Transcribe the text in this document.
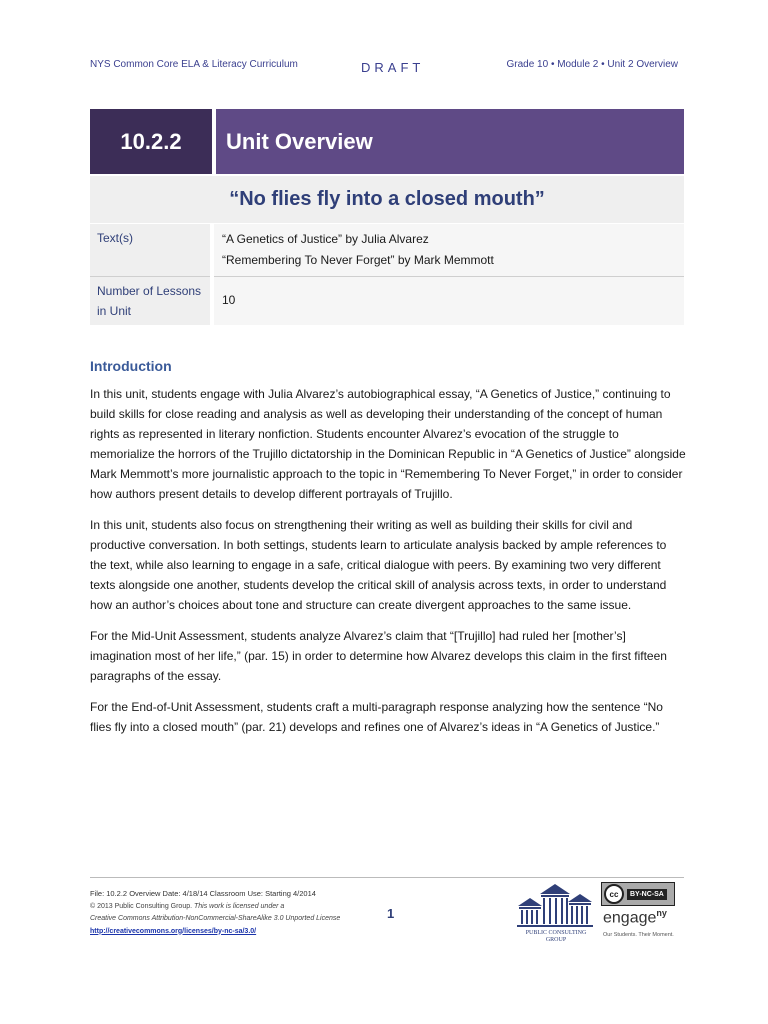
NYS Common Core ELA & Literacy Curriculum	DRAFT	Grade 10 • Module 2 • Unit 2 Overview
10.2.2	Unit Overview
“No flies fly into a closed mouth”
Text(s)	“A Genetics of Justice” by Julia Alvarez
“Remembering To Never Forget” by Mark Memmott

Number of Lessons in Unit	10
Introduction

In this unit, students engage with Julia Alvarez’s autobiographical essay, “A Genetics of Justice,” continuing to build skills for close reading and analysis as well as developing their understanding of the concept of human rights as represented in literary nonfiction. Students encounter Alvarez’s evocation of the struggle to memorialize the horrors of the Trujillo dictatorship in the Dominican Republic in “A Genetics of Justice” alongside Mark Memmott’s more journalistic approach to the topic in “Remembering To Never Forget,” in order to consider how authors present details to develop different portrayals of Trujillo.

In this unit, students also focus on strengthening their writing as well as building their skills for civil and productive conversation. In both settings, students learn to articulate analysis backed by ample references to the text, while also learning to engage in a safe, critical dialogue with peers. By examining two very different texts alongside one another, students develop the critical skill of analysis across texts, in order to understand how an author’s choices about tone and structure can create divergent approaches to the same issue.

For the Mid-Unit Assessment, students analyze Alvarez’s claim that “[Trujillo] had ruled her [mother’s] imagination most of her life,” (par. 15) in order to determine how Alvarez develops this claim in the first fifteen paragraphs of the essay.

For the End-of-Unit Assessment, students craft a multi-paragraph response analyzing how the sentence “No flies fly into a closed mouth” (par. 21) develops and refines one of Alvarez’s ideas in “A Genetics of Justice.”

File: 10.2.2 Overview Date: 4/18/14 Classroom Use: Starting 4/2014
© 2013 Public Consulting Group. This work is licensed under a
Creative Commons Attribution-NonCommercial-ShareAlike 3.0 Unported License
http://creativecommons.org/licenses/by-nc-sa/3.0/
1
PUBLIC CONSULTING GROUP
cc	BY-NC-SA
engage$^{ny}$
Our Students. Their Moment.
